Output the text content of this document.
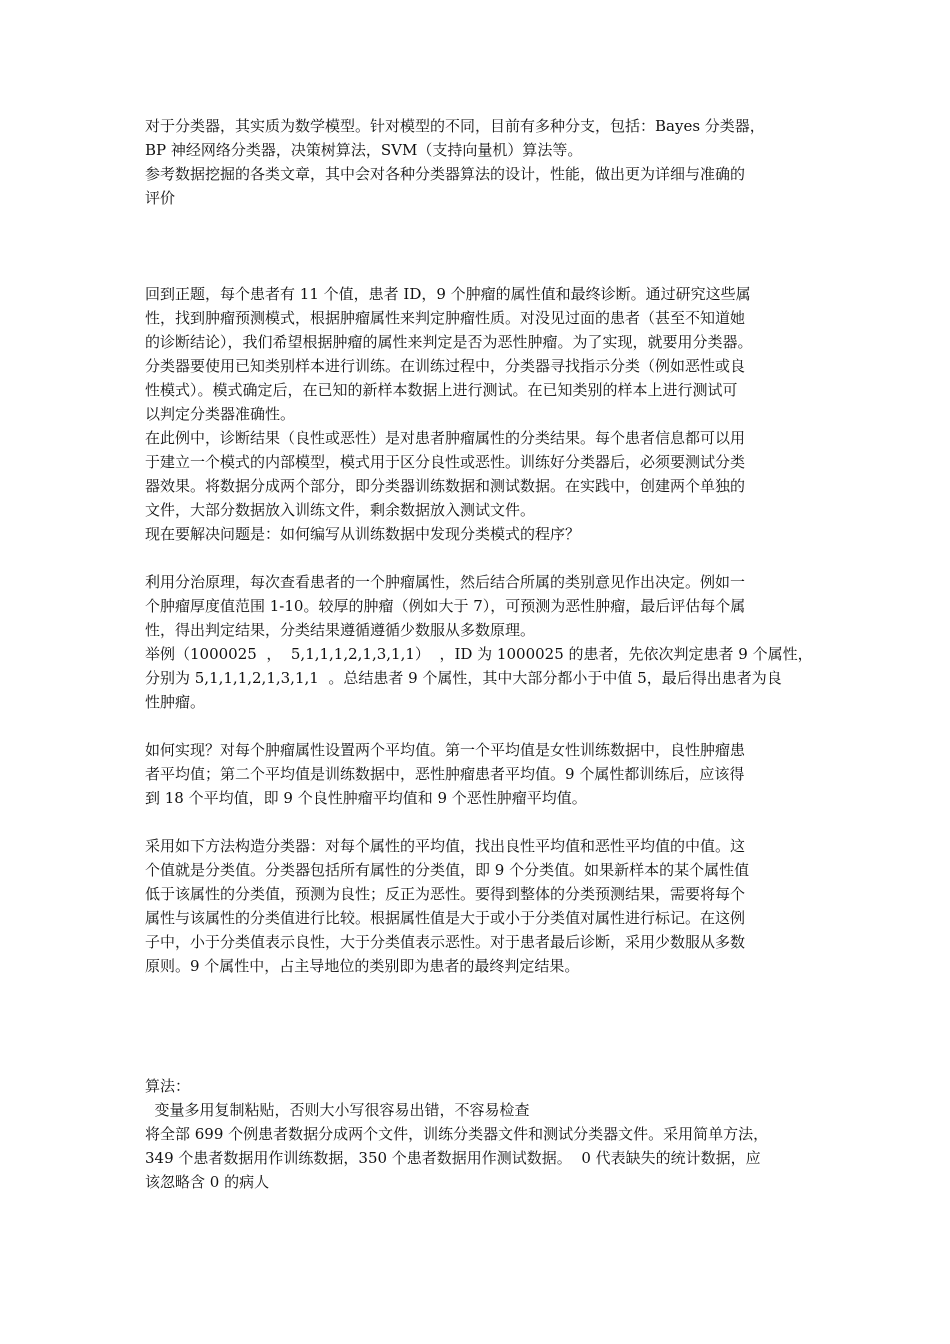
对于分类器，其实质为数学模型。针对模型的不同，目前有多种分支，包括：Bayes 分类器，
BP 神经网络分类器，决策树算法，SVM（支持向量机）算法等。
参考数据挖掘的各类文章，其中会对各种分类器算法的设计，性能，做出更为详细与准确的
评价
回到正题，每个患者有 11 个值，患者 ID，9 个肿瘤的属性值和最终诊断。通过研究这些属
性，找到肿瘤预测模式，根据肿瘤属性来判定肿瘤性质。对没见过面的患者（甚至不知道她
的诊断结论），我们希望根据肿瘤的属性来判定是否为恶性肿瘤。为了实现，就要用分类器。
分类器要使用已知类别样本进行训练。在训练过程中，分类器寻找指示分类（例如恶性或良
性模式）。模式确定后，在已知的新样本数据上进行测试。在已知类别的样本上进行测试可
以判定分类器准确性。
在此例中，诊断结果（良性或恶性）是对患者肿瘤属性的分类结果。每个患者信息都可以用
于建立一个模式的内部模型，模式用于区分良性或恶性。训练好分类器后，必须要测试分类
器效果。将数据分成两个部分，即分类器训练数据和测试数据。在实践中，创建两个单独的
文件，大部分数据放入训练文件，剩余数据放入测试文件。
现在要解决问题是：如何编写从训练数据中发现分类模式的程序？
利用分治原理，每次查看患者的一个肿瘤属性，然后结合所属的类别意见作出决定。例如一
个肿瘤厚度值范围 1-10。较厚的肿瘤（例如大于 7），可预测为恶性肿瘤，最后评估每个属
性，得出判定结果，分类结果遵循遵循少数服从多数原理。
举例（1000025  ，  5,1,1,1,2,1,3,1,1）  ，ID 为 1000025 的患者，先依次判定患者 9 个属性，
分别为 5,1,1,1,2,1,3,1,1  。总结患者 9 个属性，其中大部分都小于中值 5，最后得出患者为良
性肿瘤。
如何实现？对每个肿瘤属性设置两个平均值。第一个平均值是女性训练数据中，良性肿瘤患
者平均值；第二个平均值是训练数据中，恶性肿瘤患者平均值。9 个属性都训练后，应该得
到 18 个平均值，即 9 个良性肿瘤平均值和 9 个恶性肿瘤平均值。
采用如下方法构造分类器：对每个属性的平均值，找出良性平均值和恶性平均值的中值。这
个值就是分类值。分类器包括所有属性的分类值，即 9 个分类值。如果新样本的某个属性值
低于该属性的分类值，预测为良性；反正为恶性。要得到整体的分类预测结果，需要将每个
属性与该属性的分类值进行比较。根据属性值是大于或小于分类值对属性进行标记。在这例
子中，小于分类值表示良性，大于分类值表示恶性。对于患者最后诊断，采用少数服从多数
原则。9 个属性中，占主导地位的类别即为患者的最终判定结果。
算法：
变量多用复制粘贴，否则大小写很容易出错，不容易检查
将全部 699 个例患者数据分成两个文件，训练分类器文件和测试分类器文件。采用简单方法，
349 个患者数据用作训练数据，350 个患者数据用作测试数据。  0 代表缺失的统计数据，应
该忽略含 0 的病人
